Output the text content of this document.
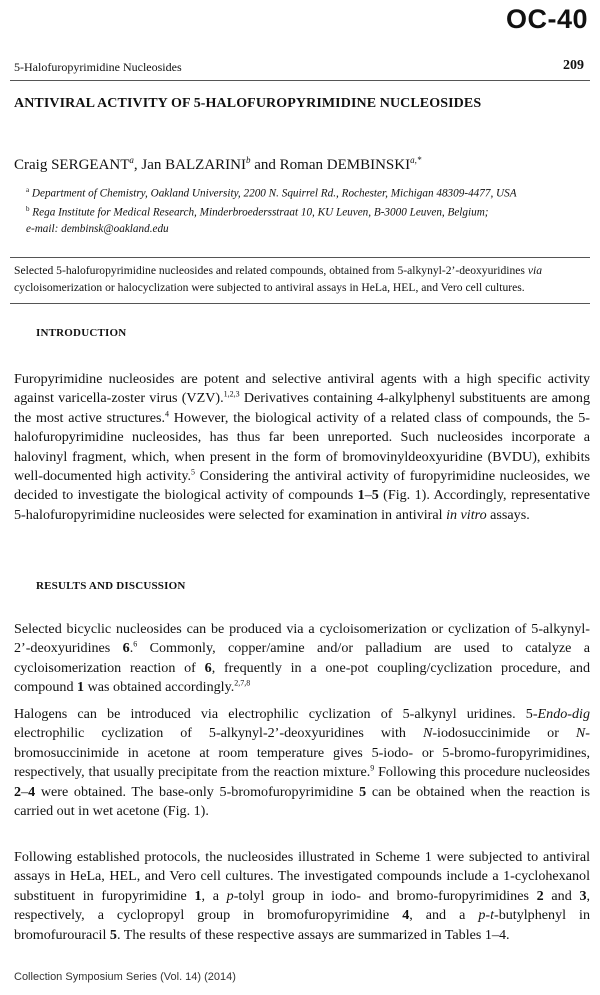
OC-40
5-Halofuropyrimidine Nucleosides	209
ANTIVIRAL ACTIVITY OF 5-HALOFUROPYRIMIDINE NUCLEOSIDES
Craig SERGEANT$^a$, Jan BALZARINI$^b$ and Roman $DEMBINSKI^{a,*}$
$^a$ Department of Chemistry, Oakland University, 2200 N. Squirrel Rd., Rochester, Michigan 48309-4477, USA
$^b$ Rega Institute for Medical Research, Minderbroedersstraat 10, KU Leuven, B-3000 Leuven, Belgium;
e-mail: dembinsk@oakland.edu
Selected 5-halofuropyrimidine nucleosides and related compounds, obtained from 5-alkynyl-2’-deoxyuridines via cycloisomerization or halocyclization were subjected to antiviral assays in HeLa, HEL, and Vero cell cultures.
INTRODUCTION
Furopyrimidine nucleosides are potent and selective antiviral agents with a high specific activity against varicella-zoster virus (VZV).$^{1,2,3}$ Derivatives containing 4-alkylphenyl substituents are among the most active structures.$^4$ However, the biological activity of a related class of compounds, the 5-halofuropyrimidine nucleosides, has thus far been unreported. Such nucleosides incorporate a halovinyl fragment, which, when present in the form of bromovinyldeoxyuridine (BVDU), exhibits well-documented high activity.$^5$ Considering the antiviral activity of furopyrimidine nucleosides, we decided to investigate the biological activity of compounds 1–5 (Fig. 1). Accordingly, representative 5-halofuropyrimidine nucleosides were selected for examination in antiviral in vitro assays.
RESULTS AND DISCUSSION
Selected bicyclic nucleosides can be produced via a cycloisomerization or cyclization of 5-alkynyl-2’-deoxyuridines 6.$^6$ Commonly, copper/amine and/or palladium are used to catalyze a cycloisomerization reaction of 6, frequently in a one-pot coupling/cyclization procedure, and compound 1 was obtained accordingly.$^{2,7,8}$
Halogens can be introduced via electrophilic cyclization of 5-alkynyl uridines. 5-Endo-dig electrophilic cyclization of 5-alkynyl-2’-deoxyuridines with N-iodosuccinimide or N-bromosuccinimide in acetone at room temperature gives 5-iodo- or 5-bromo-furopyrimidines, respectively, that usually precipitate from the reaction mixture.$^9$ Following this procedure nucleosides 2–4 were obtained. The base-only 5-bromofuropyrimidine 5 can be obtained when the reaction is carried out in wet acetone (Fig. 1).
Following established protocols, the nucleosides illustrated in Scheme 1 were subjected to antiviral assays in HeLa, HEL, and Vero cell cultures. The investigated compounds include a 1-cyclohexanol substituent in furopyrimidine 1, a p-tolyl group in iodo- and bromo-furopyrimidines 2 and 3, respectively, a cyclopropyl group in bromofuropyrimidine 4, and a p-t-butylphenyl in bromofurouracil 5. The results of these respective assays are summarized in Tables 1–4.
Collection Symposium Series (Vol. 14) (2014)
